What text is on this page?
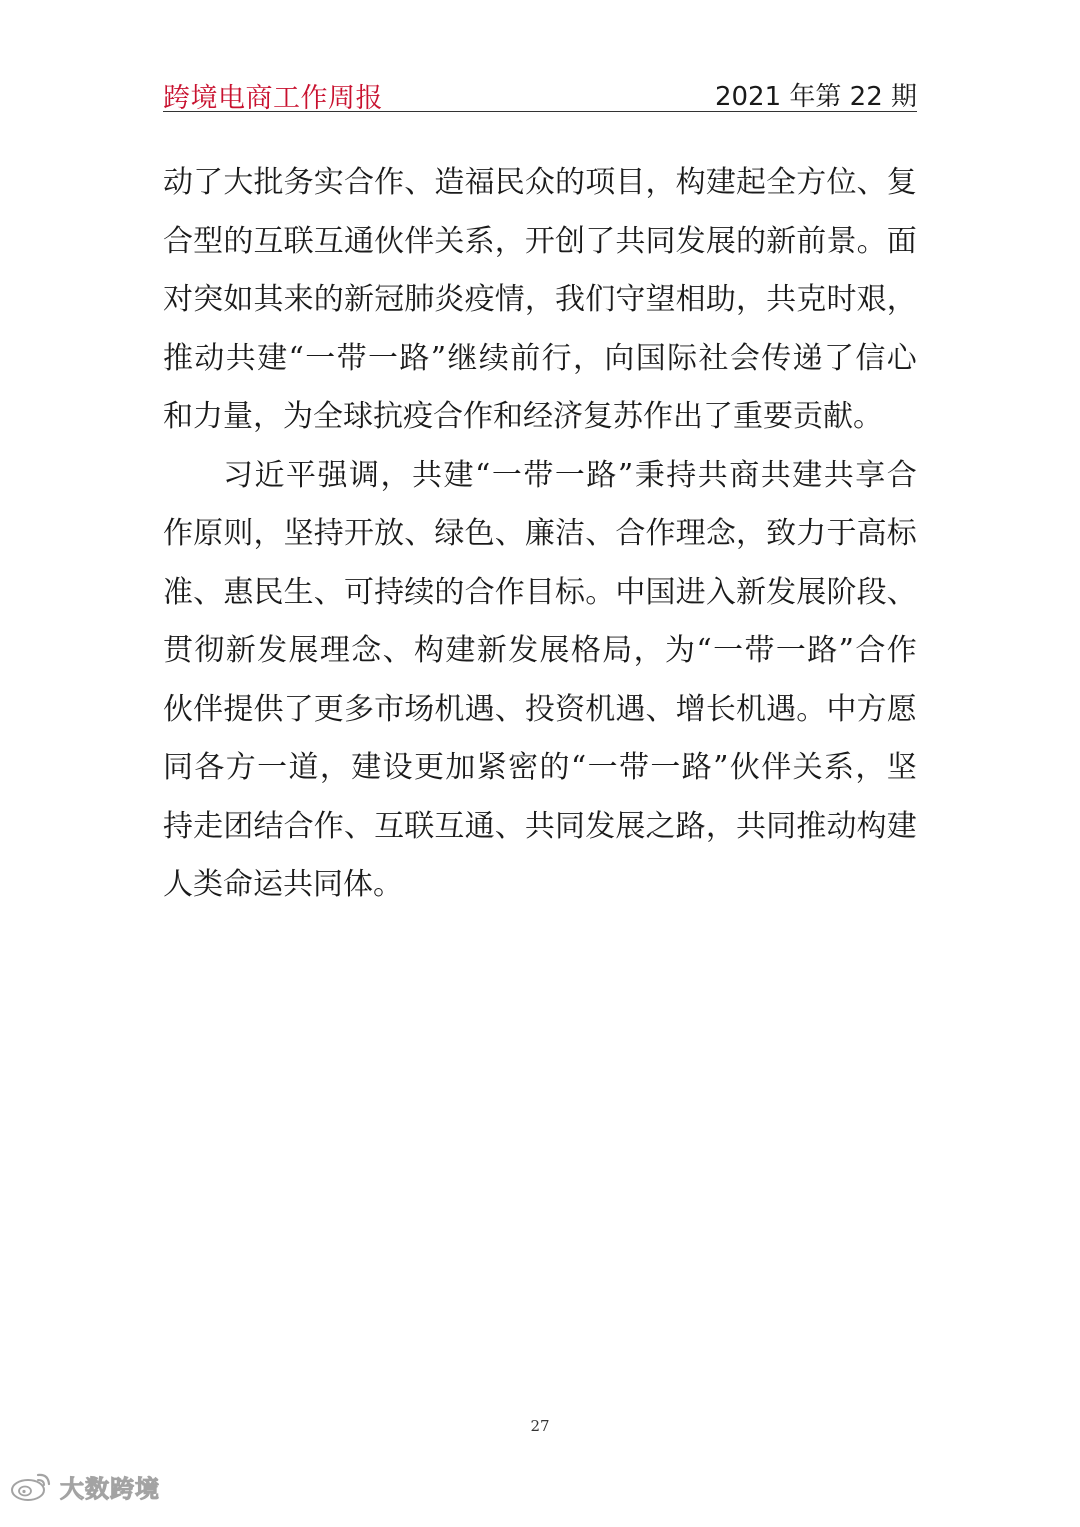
跨境电商工作周报	2021 年第 22 期
动 了 大 批 务 实 合 作 、 造 福 民 众 的 项 目 ， 构 建 起 全 方 位 、 复
合 型 的 互 联 互 通 伙 伴 关 系 ， 开 创 了 共 同 发 展 的 新 前 景 。 面
对 突 如 其 来 的 新 冠 肺 炎 疫 情 ， 我 们 守 望 相 助 ， 共 克 时 艰 ，
推 动 共 建 “ 一 带 一 路 ” 继 续 前 行 ， 向 国 际 社 会 传 递 了 信 心
和 力 量 ， 为 全 球 抗 疫 合 作 和 经 济 复 苏 作 出 了 重 要 贡 献 。
习 近 平 强 调 ， 共 建 “ 一 带 一 路 ” 秉 持 共 商 共 建 共 享 合
作 原 则 ， 坚 持 开 放 、 绿 色 、 廉 洁 、 合 作 理 念 ， 致 力 于 高 标
准 、 惠 民 生 、 可 持 续 的 合 作 目 标 。 中 国 进 入 新 发 展 阶 段 、
贯 彻 新 发 展 理 念 、 构 建 新 发 展 格 局 ， 为 “ 一 带 一 路 ” 合 作
伙 伴 提 供 了 更 多 市 场 机 遇 、 投 资 机 遇 、 增 长 机 遇 。 中 方 愿
同 各 方 一 道 ， 建 设 更 加 紧 密 的 “ 一 带 一 路 ” 伙 伴 关 系 ， 坚
持 走 团 结 合 作 、 互 联 互 通 、 共 同 发 展 之 路 ， 共 同 推 动 构 建
人 类 命 运 共 同 体 。
27
大数跨境
